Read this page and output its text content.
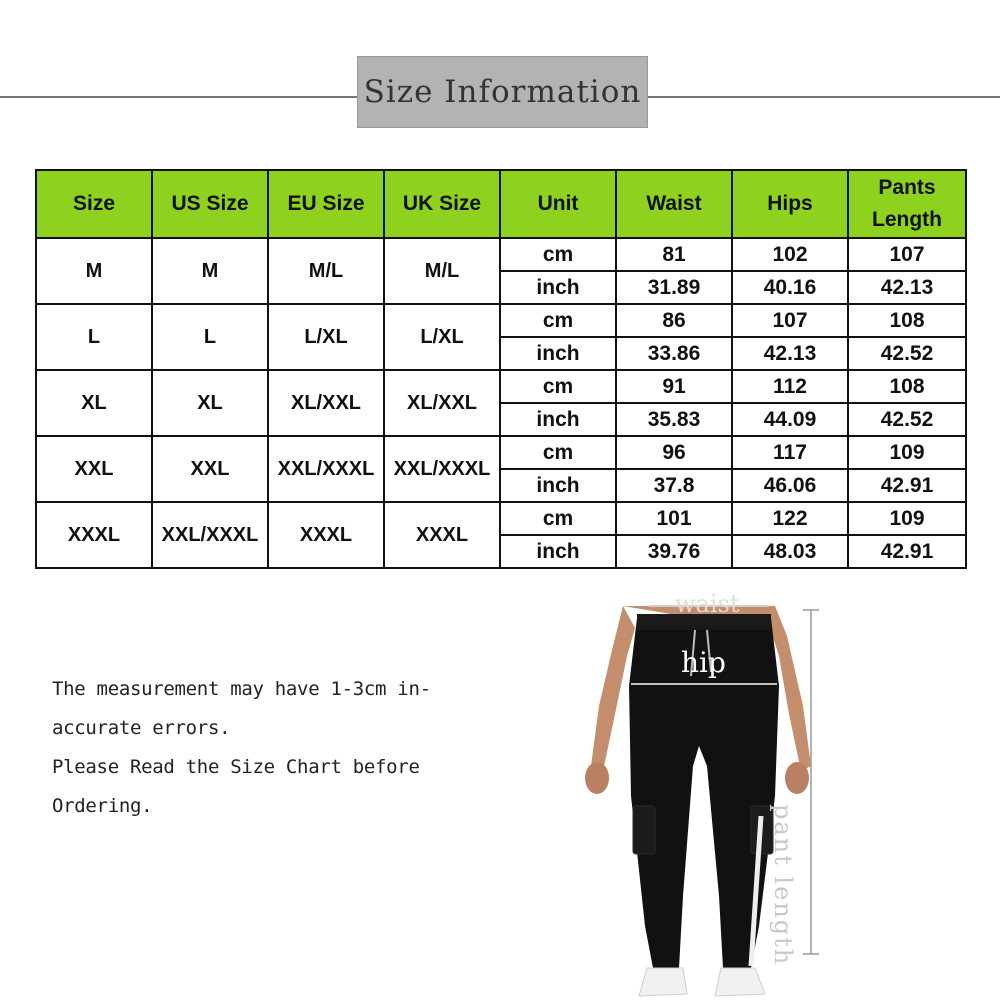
Size Information
Size	US Size	EU Size	UK Size	Unit	Waist	Hips	Pants Length
M	M	M/L	M/L	cm	81	102	107
				inch	31.89	40.16	42.13
L	L	L/XL	L/XL	cm	86	107	108
				inch	33.86	42.13	42.52
XL	XL	XL/XXL	XL/XXL	cm	91	112	108
				inch	35.83	44.09	42.52
XXL	XXL	XXL/XXXL	XXL/XXXL	cm	96	117	109
				inch	37.8	46.06	42.91
XXXL	XXL/XXXL	XXXL	XXXL	cm	101	122	109
				inch	39.76	48.03	42.91
The measurement may have 1-3cm in-
accurate errors.
Please Read the Size Chart before
Ordering.
waist
hip
pant length
